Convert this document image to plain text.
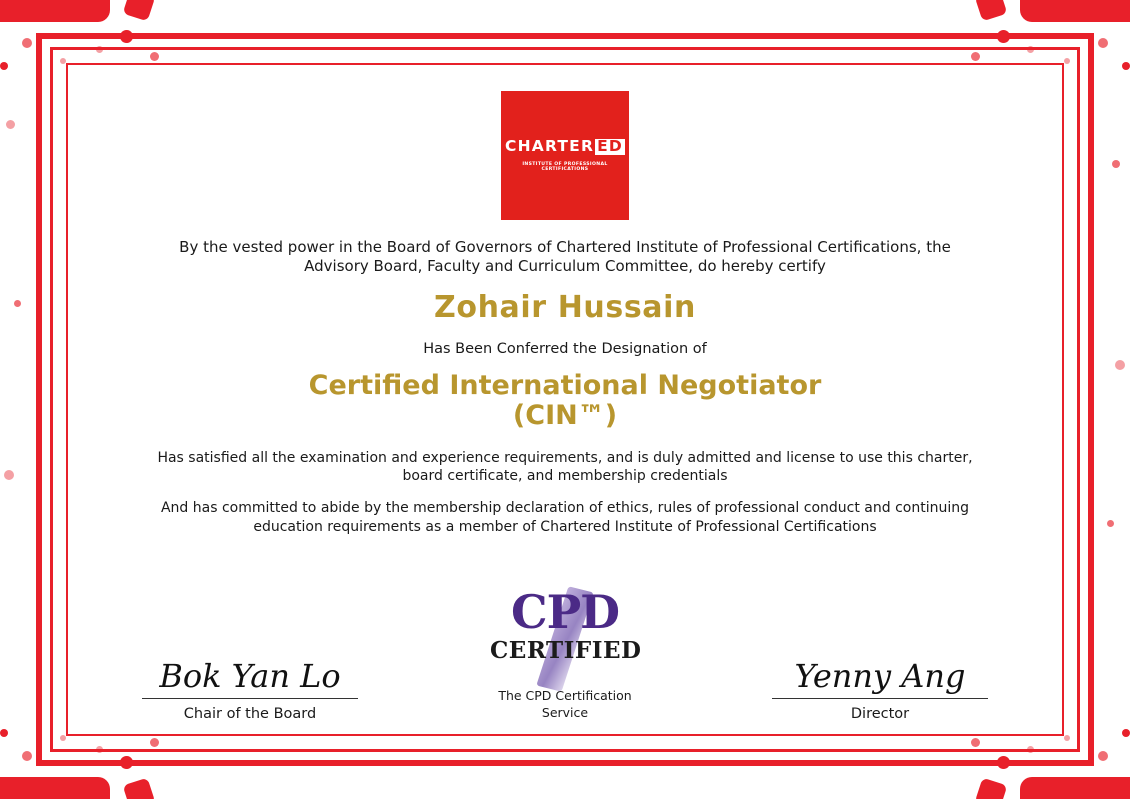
CHARTER ED
INSTITUTE OF PROFESSIONAL CERTIFICATIONS

By the vested power in the Board of Governors of Chartered Institute of Professional Certifications, the Advisory Board, Faculty and Curriculum Committee, do hereby certify

Zohair Hussain

Has Been Conferred the Designation of

Certified International Negotiator
(CIN™)

Has satisfied all the examination and experience requirements, and is duly admitted and license to use this charter, board certificate, and membership credentials

And has committed to abide by the membership declaration of ethics, rules of professional conduct and continuing education requirements as a member of Chartered Institute of Professional Certifications

Bok Yan Lo
Chair of the Board
CPD
CERTIFIED
The CPD Certification
Service
Yenny Ang
Director
